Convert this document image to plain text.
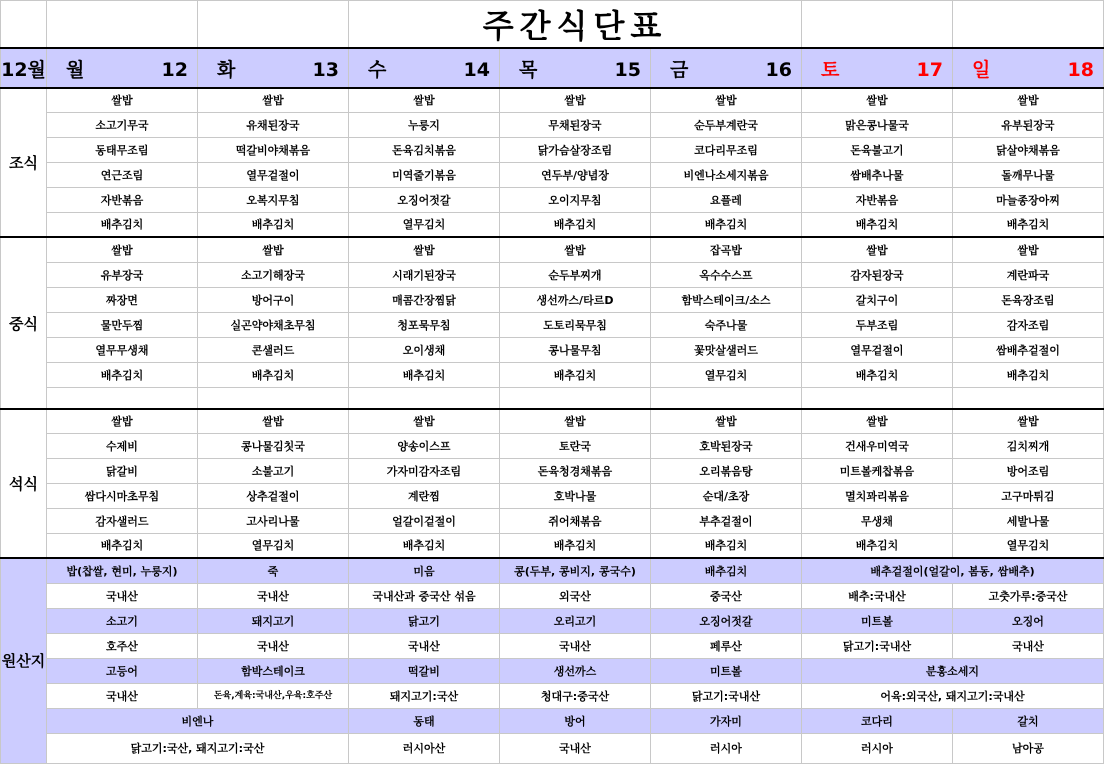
			주간식단표				
12월	월 12	화 13	수 14	목 15	금 16	토 17	일 18
조식	쌀밥	쌀밥	쌀밥	쌀밥	쌀밥	쌀밥	쌀밥
	소고기무국	유채된장국	누룽지	무채된장국	순두부계란국	맑은콩나물국	유부된장국
	동태무조림	떡갈비야채볶음	돈육김치볶음	닭가슴살장조림	코다리무조림	돈육불고기	닭살야채볶음
	연근조림	열무겉절이	미역줄기볶음	연두부/양념장	비엔나소세지볶음	쌈배추나물	돌깨무나물
	자반볶음	오복지무침	오징어젓갈	오이지무침	요플레	자반볶음	마늘종장아찌
	배추김치	배추김치	열무김치	배추김치	배추김치	배추김치	배추김치
중식	쌀밥	쌀밥	쌀밥	쌀밥	잡곡밥	쌀밥	쌀밥
	유부장국	소고기해장국	시래기된장국	순두부찌개	옥수수스프	감자된장국	계란파국
	짜장면	방어구이	매콤간장찜닭	생선까스/타르D	함박스테이크/소스	갈치구이	돈육장조림
	물만두찜	실곤약야채초무침	청포묵무침	도토리묵무침	숙주나물	두부조림	감자조림
	열무무생채	콘샐러드	오이생채	콩나물무침	꽃맛살샐러드	열무겉절이	쌈배추겉절이
	배추김치	배추김치	배추김치	배추김치	열무김치	배추김치	배추김치

석식	쌀밥	쌀밥	쌀밥	쌀밥	쌀밥	쌀밥	쌀밥
	수제비	콩나물김칫국	양송이스프	토란국	호박된장국	건새우미역국	김치찌개
	닭갈비	소불고기	가자미감자조림	돈육청경채볶음	오리볶음탕	미트볼케찹볶음	방어조림
	쌈다시마초무침	상추겉절이	계란찜	호박나물	순대/초장	멸치꽈리볶음	고구마튀김
	감자샐러드	고사리나물	얼갈이겉절이	쥐어채볶음	부추겉절이	무생채	세발나물
	배추김치	열무김치	배추김치	배추김치	배추김치	배추김치	열무김치
원산지	밥(찹쌀, 현미, 누룽지)	죽	미음	콩(두부, 콩비지, 콩국수)	배추김치	배추겉절이(얼갈이, 봄동, 쌈배추)	
	국내산	국내산	국내산과 중국산 섞음	외국산	중국산	배추:국내산	고춧가루:중국산
	소고기	돼지고기	닭고기	오리고기	오징어젓갈	미트볼	오징어
	호주산	국내산	국내산	국내산	페루산	닭고기:국내산	국내산
	고등어	함박스테이크	떡갈비	생선까스	미트볼	분홍소세지	
	국내산	돈육,계육:국내산,우육:호주산	돼지고기:국산	청대구:중국산	닭고기:국내산	어육:외국산, 돼지고기:국내산	
	비엔나		동태	방어	가자미	코다리	갈치
	닭고기:국산, 돼지고기:국산		러시아산	국내산	러시아	러시아	남아공
